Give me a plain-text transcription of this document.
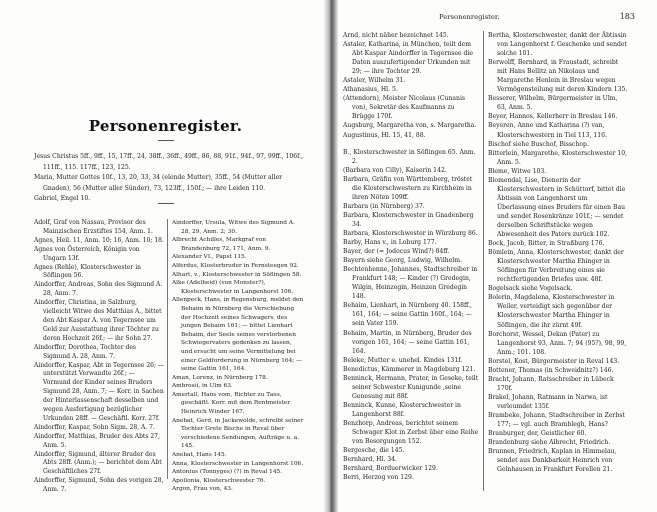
Personenregister.

Jesus Christus 5ff., 9ff., 15, 17ff., 24, 38ff., 36ff., 49ff., 86, 88, 91f., 94f., 97, 99ff., 106f., 111ff., 115. 117ff., 123, 125.

Maria, Mutter Gottes 10f., 13, 20, 33, 34 (elende Mutter), 35ff., 54 (Mutter aller Gnaden), 56 (Mutter aller Sünder), 73, 123ff., 150f.; — ihre Leiden 110.

Gabriel, Engel 10.

Adolf, Graf von Nassau, Provisor des Mainzischen Erzstiftes 154, Anm. 1.

Agnes, Heil. 11, Anm. 10; 16, Anm. 10; 18.

Agnes von Österreich, Königin von Ungarn 13f.

Agnes (Rehle), Klosterschwester in Söflingen 56.

Aindorffer, Andreas, Sohn des Sigmund A. 28, Anm. 7.

Aindorffer, Christina, in Salzburg, vielleicht Witwe des Matthias A., bittet den Abt Kaspar A. von Tegernsee um Geld zur Ausstattung ihrer Töchter zu deren Hochzeit 26f.; — ihr Sohn 27.

Aindorffer, Dorothea, Tochter des Sigmund A. 28, Anm. 7.

Aindorffer, Kaspar, Abt in Tegernsee 26; — unterstützt Verwandte 26f.; — Vormund der Kinder seines Bruders Sigmund 28, Anm. 7; — Korr. in Sachen der Hinterlassenschaft desselben und wegen Ausfertigung bezüglicher Urkunden 28ff. — Geschäftl. Korr. 27f.

Aindorffer, Kaspar, Sohn Sigm. 28, A. 7.

Aindorffer, Matthias, Bruder des Abts 27, Anm. 5.

Aindorffer, Sigmund, älterer Bruder des Abts 28ff. (Anm.); — berichtet dem Abt Geschäftliches 27f.

Aindorffer, Sigmund, Sohn des vorigen 28, Anm. 7.

Aindorffer, Ursula, Witwe des Sigmund A. 28, 29, Anm. 2; 30.

Albrecht Achilles, Markgraf von Brandenburg 72, 171, Anm. 9.

Alexander VI., Papst 115.

Alferdus, Klosterbruder in Fernsteegen 92.

Alhart, v., Klosterschwester in Söflingen 58.

Alke (Adelheid) (von Monster?), Klosterschwester in Langenhorst 106.

Allenpeck, Hans, in Regensburg, meldet den Behaim in Nürnberg die Verschiebung der Hochzeit seines Schwagers, des jungen Behaim 161; — bittet Lienhart Behaim, der Seele seines verstorbenen Schwiegervaters gedenken zu lassen, und ersucht um seine Vermittelung bei einer Geldforderung in Nürnberg 164; — seine Gattin 161, 164.

Aman, Lorenz, in Nürnberg 178.

Ambrosii, in Ulm 63.

Amertall, Hans vom, Richter zu Taus, geschäftl. Korr. mit dem Rentmeister Heinrich Winder 167.

Anebat, Gerd, in Jackewolde, schreibt seiner Tochter Grete Bische in Reval über verschiedene Sendungen, Aufträge u. a. 145.

Anebat, Hans 145.

Anna, Klosterschwester in Langenhorst 106.

Antonius (Tonnyges) (?) in Reval 145.

Apollonia, Klosterschwester 76.

Argon, Frau von, 43.

Personenregister.	183

Arnd, nicht näher bezeichnet 145.

Astaler, Katharina, in München, teilt dem Abt Kaspar Aindorffer in Tegernsee die Daten auszufertigender Urkunden mit 29; — ihre Tochter 29.

Astaler, Wilhelm 31.

Athanasius, Hl. 5.

(Attendorn), Meister Nicolaus (Cunanis von), Sekretär des Kaufmanns zu Brügge 170f.

Augsburg, Margaretha von, s. Margaretha.

Augustinus, Hl. 15, 41, 88.

B., Klosterschwester in Söflingen 65. Anm. 2.

(Barbara von Cilly), Kaiserin 142.

Barbara, Gräfin von Württemberg, tröstet die Klosterschwestern zu Kirchheim in ihren Nöten 109ff.

Barbara (in Nürnberg) 37.

Barbara, Klosterschwester in Gnadenberg 34.

Barbara, Klosterschwester in Würzburg 86.

Barby, Hans v., in Loburg 177.

Bayer, der (= Jodocus Wind?) 84ff.

Bayern siehe Georg, Ludwig, Wilhelm.

Bechtenhenne, Johannes, Stadtschreiber in Frankfurt 148; — Kinder (?) Gredegin, Wilgin, Heinzegin, Heinzen Gredegin 148.

Behaim, Lienhart, in Nürnberg 40. 158ff., 161, 164; — seine Gattin 160f., 164; — sein Vater 159.

Behaim, Martin, in Nürnberg, Bruder des vorigen 161, 164; — seine Gattin 161, 164.

Beleke, Mutter e. unehel. Kindes 131f.

Benedictus, Kämmerer in Magdeburg 121.

Benninck, Hermann, Prater, in Geseke, teilt seiner Schwester Kunigunde ,seine Genesung mit 88f.

Benninck, Kunne, Klosterschwester in Langenhorst 88f.

Benzhorp, Andreas, berichtet seinem Schwager Klot in Zerbst über eine Reihe von Besorgungen 152.

Bergesche, die 145.

Bernhard, Hl. 34.

Bernhard, Borduerwicker 129.

Berri, Herzog von 129.

Bertha, Klosterschwester, dankt der Äbtissin von Langenhorst f. Geschenke und sendet solche 101.

Berwolff, Bernhard, in Fraustadt, schreibt mit Hans Bellitz an Nikolaus und Margarethe Henlein in Breslau wegen Vermögensteilung mit deren Kindern 135.

Besserer, Wilhelm, Bürgermeister in Ulm, 63, Anm. 5.

Beyer, Hannos, Kellerherr in Breslau 146.

Beyeren, Anne und Katharina (?) van, Klosterschwestern in Tiel 113, 116.

Bischof siehe Buschof, Bisschop.

Bitterlein, Margarethe, Klosterschwester 10, Anm. 5.

Bleme, Witwe 103.

Blomendal, Lise, Dienerin der Klosterschwestern in Schüttorf, bittet die Äbtissin von Langenhorst um Überlassung eines Bruders für einen Bau und sendet Rosenkränze 101f.; — sendet derselben Schriftstücke wegen Abwesenheit des Paters zurück 102.

Bock, Jacob, Ritter, in Straßburg 176.

Bömlein, Anna, Klosterschwester, dankt der Klosterschwester Martha Ehinger in Söflingen für Verbreitung eines sie rechtfertigenden Briefes usw. 48f.

Bogelsack siehe Vogelsack.

Bolerin, Magdalena, Klosterschwester in Weiler, verteidigt sich gegenüber der Klosterschwester Martha Ehinger in Söflingen, die ihr zürnt 49f.

Borchorst, Wessel, Dekan (Pater) zu Langenhorst 93, Anm. 7; 94 (95?), 98, 99, Anm.; 101. 108.

Borstel, Kost, Bürgermeister in Reval 143.

Bottener, Thomas (in Schweidnitz?) 146.

Bracht, Johann, Ratsschreiber in Lübeck 170f.

Brakel, Johann, Ratmann in Narwa, ist verleumdet 135f.

Brambeke, Johann, Stadtschreiber in Zerbst 177; — vgl. auch Bramblegh, Hans?

Branburger, der, Geistlicher 60.

Brandenburg siehe Albrecht, Friedrich.

Brunnen, Friedrich, Kaplan in Himmelau, sendet aus Dankbarkeit Heinrich von Gelnhausen in Frankfurt Forellen 21.
